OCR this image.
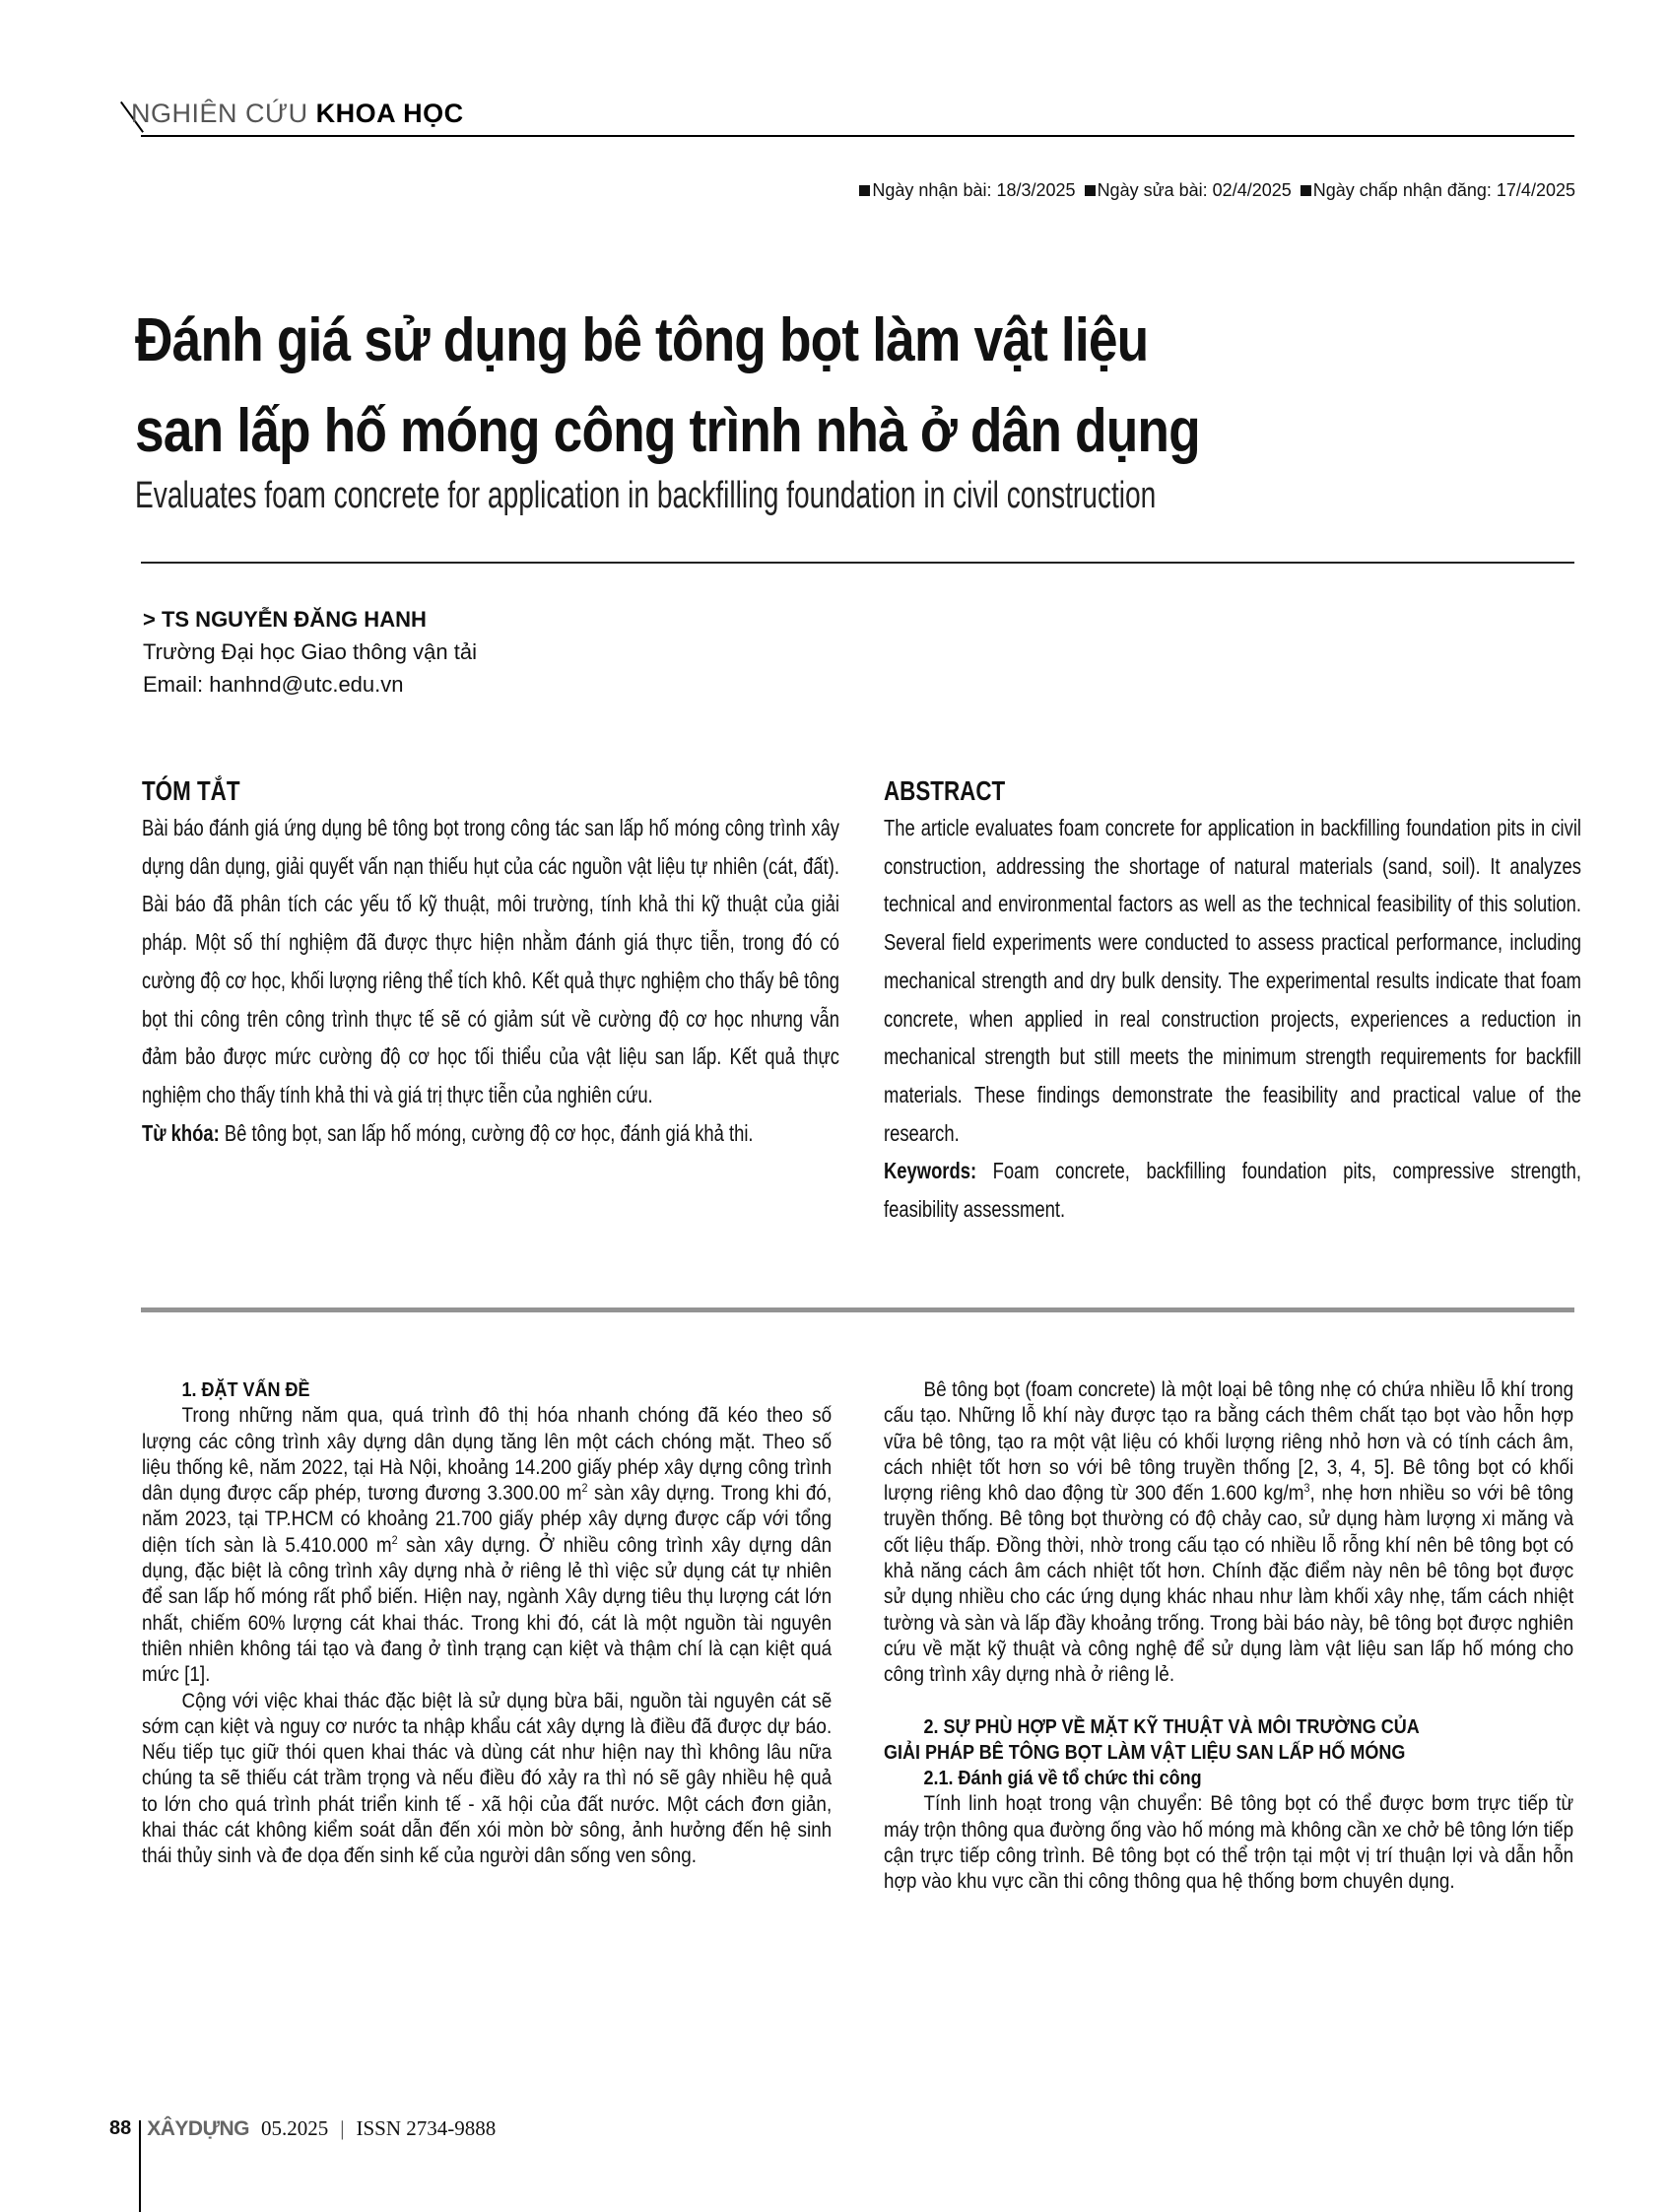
NGHIÊN CỨU KHOA HỌC
Ngày nhận bài: 18/3/2025 Ngày sửa bài: 02/4/2025 Ngày chấp nhận đăng: 17/4/2025
Đánh giá sử dụng bê tông bọt làm vật liệu
san lấp hố móng công trình nhà ở dân dụng
Evaluates foam concrete for application in backfilling foundation in civil construction
> TS NGUYỄN ĐĂNG HANH
Trường Đại học Giao thông vận tải
Email: hanhnd@utc.edu.vn
TÓM TẮT

Bài báo đánh giá ứng dụng bê tông bọt trong công tác san lấp hố móng công trình xây dựng dân dụng, giải quyết vấn nạn thiếu hụt của các nguồn vật liệu tự nhiên (cát, đất). Bài báo đã phân tích các yếu tố kỹ thuật, môi trường, tính khả thi kỹ thuật của giải pháp. Một số thí nghiệm đã được thực hiện nhằm đánh giá thực tiễn, trong đó có cường độ cơ học, khối lượng riêng thể tích khô. Kết quả thực nghiệm cho thấy bê tông bọt thi công trên công trình thực tế sẽ có giảm sút về cường độ cơ học nhưng vẫn đảm bảo được mức cường độ cơ học tối thiểu của vật liệu san lấp. Kết quả thực nghiệm cho thấy tính khả thi và giá trị thực tiễn của nghiên cứu.

Từ khóa: Bê tông bọt, san lấp hố móng, cường độ cơ học, đánh giá khả thi.

ABSTRACT

The article evaluates foam concrete for application in backfilling foundation pits in civil construction, addressing the shortage of natural materials (sand, soil). It analyzes technical and environmental factors as well as the technical feasibility of this solution. Several field experiments were conducted to assess practical performance, including mechanical strength and dry bulk density. The experimental results indicate that foam concrete, when applied in real construction projects, experiences a reduction in mechanical strength but still meets the minimum strength requirements for backfill materials. These findings demonstrate the feasibility and practical value of the research.

Keywords: Foam concrete, backfilling foundation pits, compressive strength, feasibility assessment.

1. ĐẶT VẤN ĐỀ

Trong những năm qua, quá trình đô thị hóa nhanh chóng đã kéo theo số lượng các công trình xây dựng dân dụng tăng lên một cách chóng mặt. Theo số liệu thống kê, năm 2022, tại Hà Nội, khoảng 14.200 giấy phép xây dựng công trình dân dụng được cấp phép, tương đương 3.300.00 $m^2$ sàn xây dựng. Trong khi đó, năm 2023, tại TP.HCM có khoảng 21.700 giấy phép xây dựng được cấp với tổng diện tích sàn là 5.410.000 $m^2$ sàn xây dựng. Ở nhiều công trình xây dựng dân dụng, đặc biệt là công trình xây dựng nhà ở riêng lẻ thì việc sử dụng cát tự nhiên để san lấp hố móng rất phổ biến. Hiện nay, ngành Xây dựng tiêu thụ lượng cát lớn nhất, chiếm 60% lượng cát khai thác. Trong khi đó, cát là một nguồn tài nguyên thiên nhiên không tái tạo và đang ở tình trạng cạn kiệt và thậm chí là cạn kiệt quá mức [1].

Cộng với việc khai thác đặc biệt là sử dụng bừa bãi, nguồn tài nguyên cát sẽ sớm cạn kiệt và nguy cơ nước ta nhập khẩu cát xây dựng là điều đã được dự báo. Nếu tiếp tục giữ thói quen khai thác và dùng cát như hiện nay thì không lâu nữa chúng ta sẽ thiếu cát trầm trọng và nếu điều đó xảy ra thì nó sẽ gây nhiều hệ quả to lớn cho quá trình phát triển kinh tế - xã hội của đất nước. Một cách đơn giản, khai thác cát không kiểm soát dẫn đến xói mòn bờ sông, ảnh hưởng đến hệ sinh thái thủy sinh và đe dọa đến sinh kế của người dân sống ven sông.

Bê tông bọt (foam concrete) là một loại bê tông nhẹ có chứa nhiều lỗ khí trong cấu tạo. Những lỗ khí này được tạo ra bằng cách thêm chất tạo bọt vào hỗn hợp vữa bê tông, tạo ra một vật liệu có khối lượng riêng nhỏ hơn và có tính cách âm, cách nhiệt tốt hơn so với bê tông truyền thống [2, 3, 4, 5]. Bê tông bọt có khối lượng riêng khô dao động từ 300 đến 1.600 $kg/m^3$, nhẹ hơn nhiều so với bê tông truyền thống. Bê tông bọt thường có độ chảy cao, sử dụng hàm lượng xi măng và cốt liệu thấp. Đồng thời, nhờ trong cấu tạo có nhiều lỗ rỗng khí nên bê tông bọt có khả năng cách âm cách nhiệt tốt hơn. Chính đặc điểm này nên bê tông bọt được sử dụng nhiều cho các ứng dụng khác nhau như làm khối xây nhẹ, tấm cách nhiệt tường và sàn và lấp đầy khoảng trống. Trong bài báo này, bê tông bọt được nghiên cứu về mặt kỹ thuật và công nghệ để sử dụng làm vật liệu san lấp hố móng cho công trình xây dựng nhà ở riêng lẻ.

2. SỰ PHÙ HỢP VỀ MẶT KỸ THUẬT VÀ MÔI TRƯỜNG CỦA
GIẢI PHÁP BÊ TÔNG BỌT LÀM VẬT LIỆU SAN LẤP HỐ MÓNG
2.1. Đánh giá về tổ chức thi công

Tính linh hoạt trong vận chuyển: Bê tông bọt có thể được bơm trực tiếp từ máy trộn thông qua đường ống vào hố móng mà không cần xe chở bê tông lớn tiếp cận trực tiếp công trình. Bê tông bọt có thể trộn tại một vị trí thuận lợi và dẫn hỗn hợp vào khu vực cần thi công thông qua hệ thống bơm chuyên dụng.

88 XÂYDỰNG 05.2025 | ISSN 2734-9888
